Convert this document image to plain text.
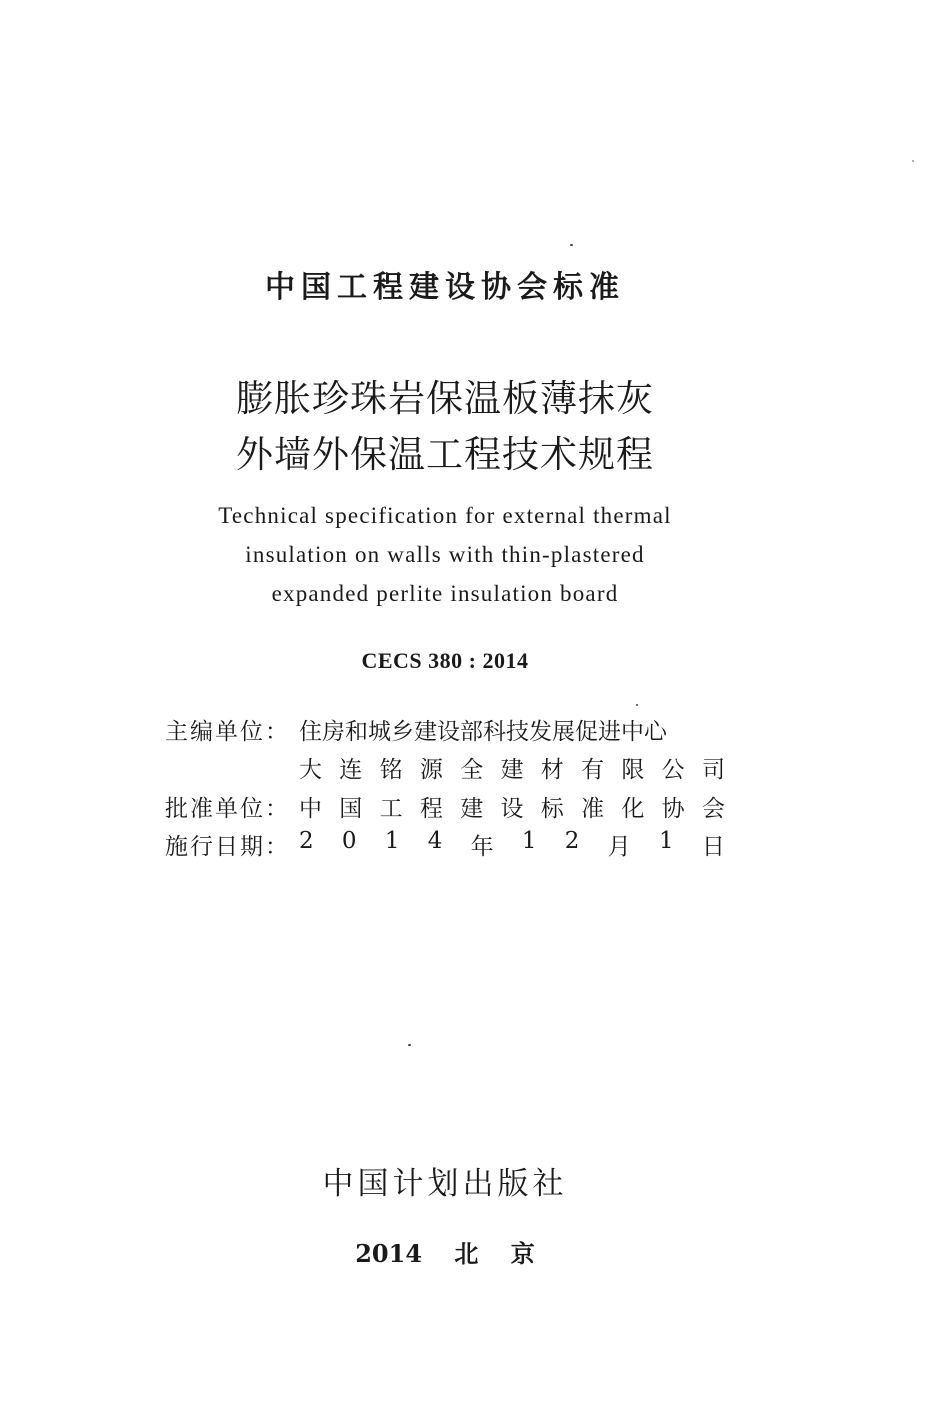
中国工程建设协会标准
膨胀珍珠岩保温板薄抹灰
外墙外保温工程技术规程
Technical specification for external thermal
insulation on walls with thin-plastered
expanded perlite insulation board
CECS 380 : 2014
主编单位： 住房和城乡建设部科技发展促进中心
大 连 铭 源 全 建 材 有 限 公 司
批准单位： 中 国 工 程 建 设 标 准 化 协 会
施行日期： 2 0 1 4 年 1 2 月 1 日
中国计划出版社
2014 北 京
